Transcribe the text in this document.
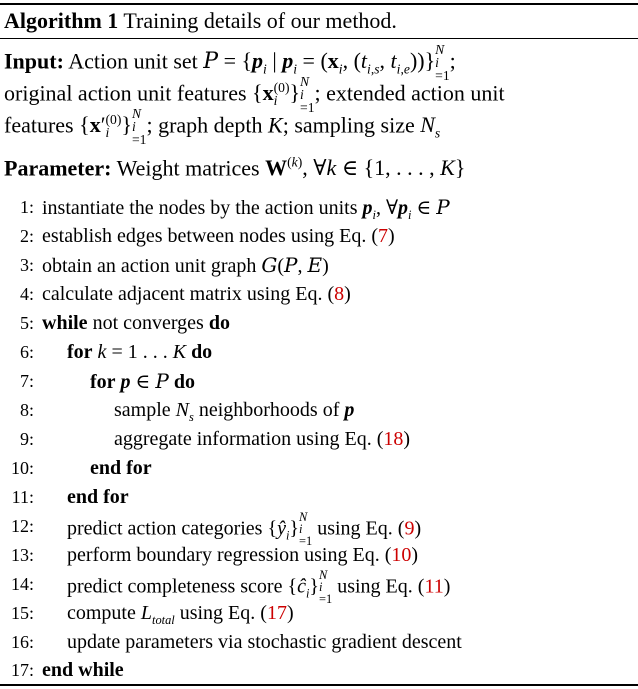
Algorithm 1 Training details of our method.
Input: Action unit set $P = \{p_i$ | $p_i = (x_i$, ($t_{i,s}$, $t_{i,e}$))} N
i
=1
;
original action unit features {x (0)
i } N
i
=1
; extended action unit
features {x′ (0)
i } N
i
=1
; graph depth K; sampling size $N_s$
Parameter: Weight matrices $W^{(k)}$, ∀k ∈ {1, . . . , K}
1: instantiate the nodes by the action units $p_i$, $\forall p_i$ ∈ P
2: establish edges between nodes using Eq. (7)
3: obtain an action unit graph G(P, E)
4: calculate adjacent matrix using Eq. (8)
5: while not converges do
6: for k = 1 . . . K do
7:	for p ∈ P do
8:	sample $N_s$ neighborhoods of p
9:	aggregate information using Eq. (18)
10:	end for
11: end for
12: predict action categories $\{ŷ_i\}$
N
i
=1
using Eq. (9)
13: perform boundary regression using Eq. (10)
14: predict completeness score $\{ĉ_i\}$
N
i
=1
using Eq. (11)
15: compute $L_{total}$ using Eq. (17)
16: update parameters via stochastic gradient descent
17: end while
